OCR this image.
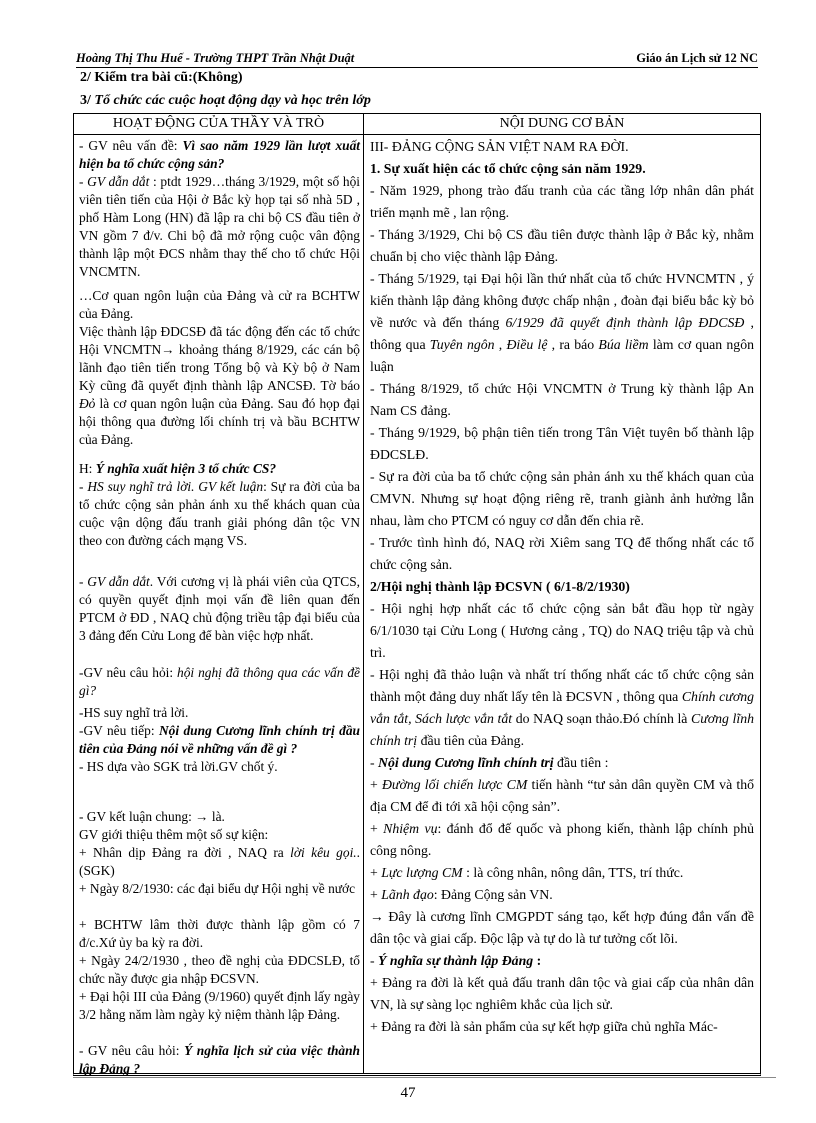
Hoàng Thị Thu Huế - Trường THPT Trần Nhật Duật	Giáo án Lịch sử 12 NC
2/ Kiểm tra bài cũ:(Không)
3/ Tổ chức các cuộc hoạt động dạy và học trên lớp
HOẠT ĐỘNG CỦA THẦY VÀ TRÒ	NỘI DUNG CƠ BẢN

- GV nêu vấn đề: Vì sao năm 1929 lần lượt xuất hiện ba tổ chức cộng sản?

- GV dẫn dắt : ptdt 1929…tháng 3/1929, một số hội viên tiên tiến của Hội ở Bắc kỳ họp tại số nhà 5D , phố Hàm Long (HN) đã lập ra chi bộ CS đầu tiên ở VN gồm 7 đ/v. Chi bộ đã mở rộng cuộc vân động thành lập một ĐCS nhằm thay thế cho tổ chức Hội VNCMTN.

…Cơ quan ngôn luận của Đảng và cử ra BCHTW của Đảng.

Việc thành lập ĐDCSĐ đã tác động đến các tổ chức Hội VNCMTN→ khoảng tháng 8/1929, các cán bộ lãnh đạo tiên tiến trong Tổng bộ và Kỳ bộ ở Nam Kỳ cũng đã quyết định thành lập ANCSĐ. Tờ báo Đỏ là cơ quan ngôn luận của Đảng. Sau đó họp đại hội thông qua đường lối chính trị và bầu BCHTW của Đảng.

H: Ý nghĩa xuất hiện 3 tổ chức CS?

- HS suy nghĩ trả lời. GV kết luận: Sự ra đời của ba tổ chức cộng sản phản ánh xu thế khách quan của cuộc vận dộng đấu tranh giải phóng dân tộc VN theo con đường cách mạng VS.

- GV dẫn dắt. Với cương vị là phái viên của QTCS, có quyền quyết định mọi vấn đề liên quan đến PTCM ở ĐD , NAQ chủ động triều tập đại biểu của 3 đảng đến Cửu Long để bàn việc hợp nhất.

-GV nêu câu hỏi: hội nghị đã thông qua các vấn đề gì?

-HS suy nghĩ trả lời.

-GV nêu tiếp: Nội dung Cương lĩnh chính trị đầu tiên của Đảng nói về những vấn đề gì ?

- HS dựa vào SGK trả lời.GV chốt ý.

- GV kết luận chung: → là.

GV giới thiệu thêm một số sự kiện:

+ Nhân dịp Đảng ra đời , NAQ ra lời kêu gọi..(SGK)

+ Ngày 8/2/1930: các đại biểu dự Hội nghị về nước

+ BCHTW lâm thời được thành lập gồm có 7 đ/c.Xứ ủy ba kỳ ra đời.

+ Ngày 24/2/1930 , theo đề nghị của ĐDCSLĐ, tổ chức nầy được gia nhập ĐCSVN.

+ Đại hội III của Đảng (9/1960) quyết định lấy ngày 3/2 hằng năm làm ngày kỷ niệm thành lập Đảng.

- GV nêu câu hỏi: Ý nghĩa lịch sử của việc thành lập Đảng ?

III- ĐẢNG CỘNG SẢN VIỆT NAM RA ĐỜI.

1. Sự xuất hiện các tổ chức cộng sản năm 1929.

- Năm 1929, phong trào đấu tranh của các tầng lớp nhân dân phát triển mạnh mẽ , lan rộng.

- Tháng 3/1929, Chi bộ CS đầu tiên được thành lập ở Bắc kỳ, nhằm chuẩn bị cho việc thành lập Đảng.

- Tháng 5/1929, tại Đại hội lần thứ nhất của tổ chức HVNCMTN , ý kiến thành lập đảng không được chấp nhận , đoàn đại biểu bắc kỳ bỏ về nước và đến tháng 6/1929 đã quyết định thành lập ĐDCSĐ , thông qua Tuyên ngôn , Điều lệ , ra báo Búa liềm làm cơ quan ngôn luận

- Tháng 8/1929, tổ chức Hội VNCMTN ở Trung kỳ thành lập An Nam CS đảng.

- Tháng 9/1929, bộ phận tiên tiến trong Tân Việt tuyên bố thành lập ĐDCSLĐ.

- Sự ra đời của ba tổ chức cộng sản phản ánh xu thế khách quan của CMVN. Nhưng sự hoạt động riêng rẽ, tranh giành ảnh hưởng lẫn nhau, làm cho PTCM có nguy cơ dẫn đến chia rẽ.

- Trước tình hình đó, NAQ rời Xiêm sang TQ để thống nhất các tổ chức cộng sản.

2/Hội nghị thành lập ĐCSVN ( 6/1-8/2/1930)

- Hội nghị hợp nhất các tổ chức cộng sản bắt đầu họp từ ngày 6/1/1030 tại Cửu Long ( Hương cảng , TQ) do NAQ triệu tập và chủ trì.

- Hội nghị đã thảo luận và nhất trí thống nhất các tổ chức cộng sản thành một đảng duy nhất lấy tên là ĐCSVN , thông qua Chính cương vắn tắt, Sách lược vắn tắt do NAQ soạn thảo.Đó chính là Cương lĩnh chính trị đầu tiên của Đảng.

- Nội dung Cương lĩnh chính trị đầu tiên :

+ Đường lối chiến lược CM tiến hành “tư sản dân quyền CM và thổ địa CM để đi tới xã hội cộng sản”.

+ Nhiệm vụ: đánh đổ đế quốc và phong kiến, thành lập chính phủ công nông.

+ Lực lượng CM : là công nhân, nông dân, TTS, trí thức.

+ Lãnh đạo: Đảng Cộng sản VN.

→ Đây là cương lĩnh CMGPDT sáng tạo, kết hợp đúng đắn vấn đề dân tộc và giai cấp. Độc lập và tự do là tư tưởng cốt lõi.

- Ý nghĩa sự thành lập Đảng :

+ Đảng ra đời là kết quả đấu tranh dân tộc và giai cấp của nhân dân VN, là sự sàng lọc nghiêm khắc của lịch sử.

+ Đảng ra đời là sản phẩm của sự kết hợp giữa chủ nghĩa Mác-

47
